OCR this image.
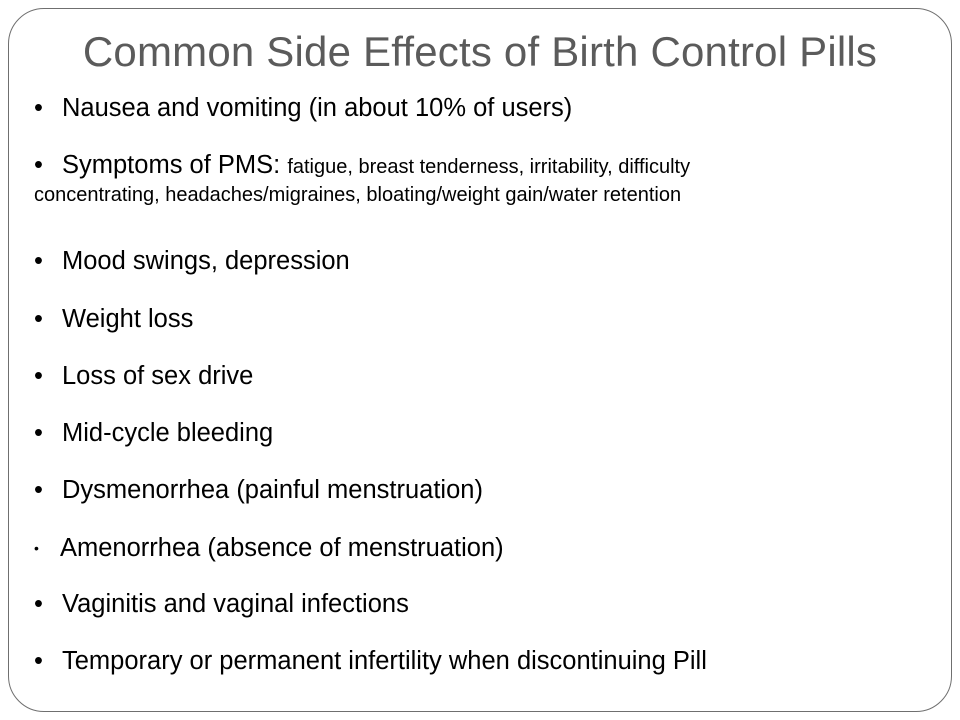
Common Side Effects of Birth Control Pills
• Nausea and vomiting (in about 10% of users)
• Symptoms of PMS: fatigue, breast tenderness, irritability, difficulty
concentrating, headaches/migraines, bloating/weight gain/water retention
• Mood swings, depression
• Weight loss
• Loss of sex drive
• Mid-cycle bleeding
• Dysmenorrhea (painful menstruation)
• Amenorrhea (absence of menstruation)
• Vaginitis and vaginal infections
• Temporary or permanent infertility when discontinuing Pill
